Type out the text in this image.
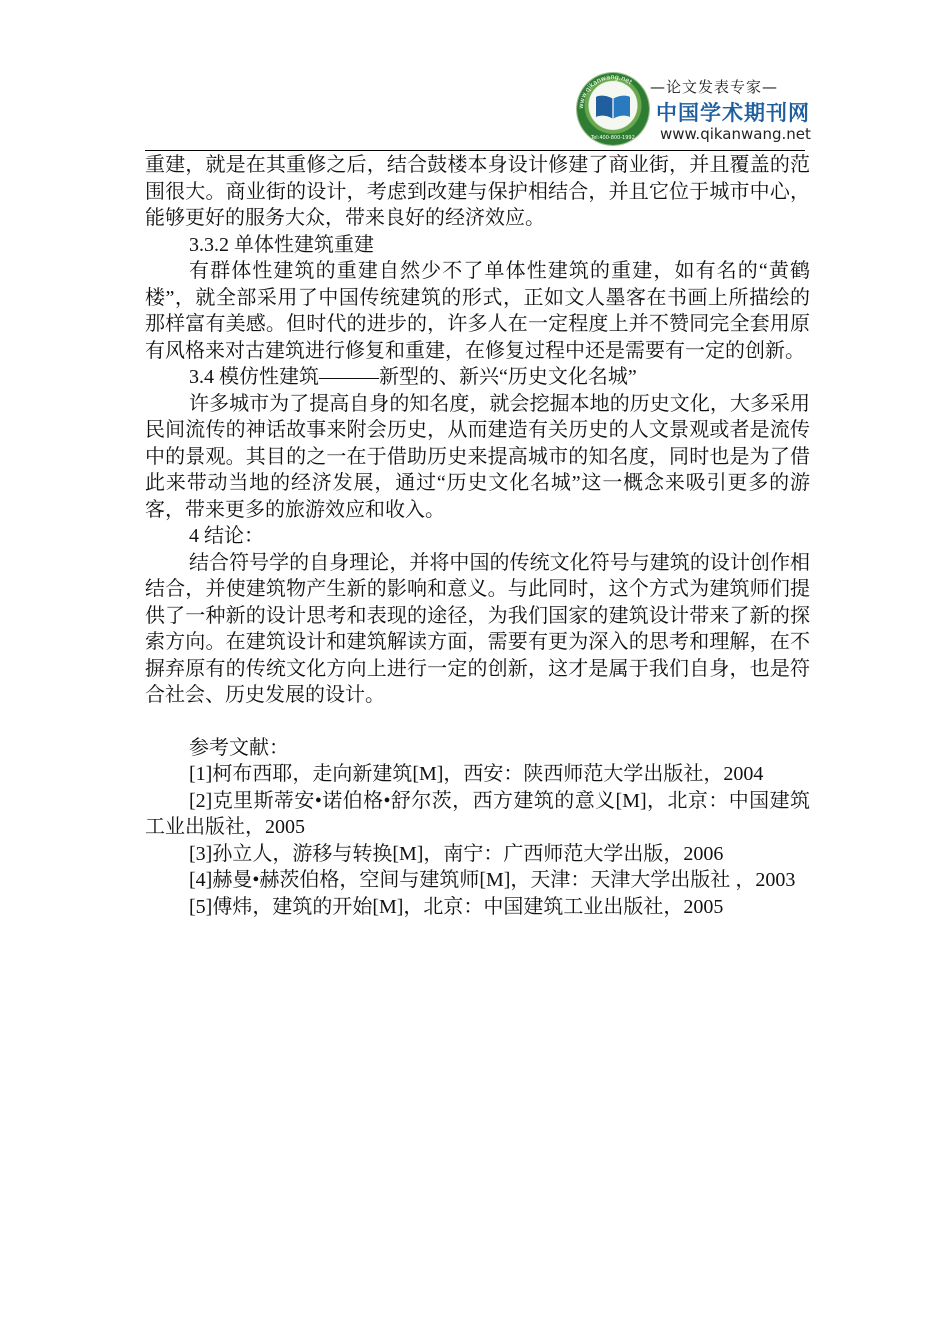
www.qikanwang.net
Tel:400-800-1992
—论文发表专家—
中国学术期刊网
www.qikanwang.net

重建，就是在其重修之后，结合鼓楼本身设计修建了商业街，并且覆盖的范围很大。商业街的设计，考虑到改建与保护相结合，并且它位于城市中心，能够更好的服务大众，带来良好的经济效应。

3.3.2 单体性建筑重建

有群体性建筑的重建自然少不了单体性建筑的重建，如有名的“黄鹤楼”，就全部采用了中国传统建筑的形式，正如文人墨客在书画上所描绘的那样富有美感。但时代的进步的，许多人在一定程度上并不赞同完全套用原有风格来对古建筑进行修复和重建，在修复过程中还是需要有一定的创新。

3.4 模仿性建筑———新型的、新兴“历史文化名城”

许多城市为了提高自身的知名度，就会挖掘本地的历史文化，大多采用民间流传的神话故事来附会历史，从而建造有关历史的人文景观或者是流传中的景观。其目的之一在于借助历史来提高城市的知名度，同时也是为了借此来带动当地的经济发展，通过“历史文化名城”这一概念来吸引更多的游客，带来更多的旅游效应和收入。

4 结论：

结合符号学的自身理论，并将中国的传统文化符号与建筑的设计创作相结合，并使建筑物产生新的影响和意义。与此同时，这个方式为建筑师们提供了一种新的设计思考和表现的途径，为我们国家的建筑设计带来了新的探索方向。在建筑设计和建筑解读方面，需要有更为深入的思考和理解，在不摒弃原有的传统文化方向上进行一定的创新，这才是属于我们自身，也是符合社会、历史发展的设计。

参考文献：

[1]柯布西耶，走向新建筑[M]，西安：陕西师范大学出版社，2004

[2]克里斯蒂安•诺伯格•舒尔茨，西方建筑的意义[M]，北京：中国建筑工业出版社，2005

[3]孙立人，游移与转换[M]，南宁：广西师范大学出版，2006

[4]赫曼•赫茨伯格，空间与建筑师[M]，天津：天津大学出版社 ，2003

[5]傅炜，建筑的开始[M]，北京：中国建筑工业出版社，2005
